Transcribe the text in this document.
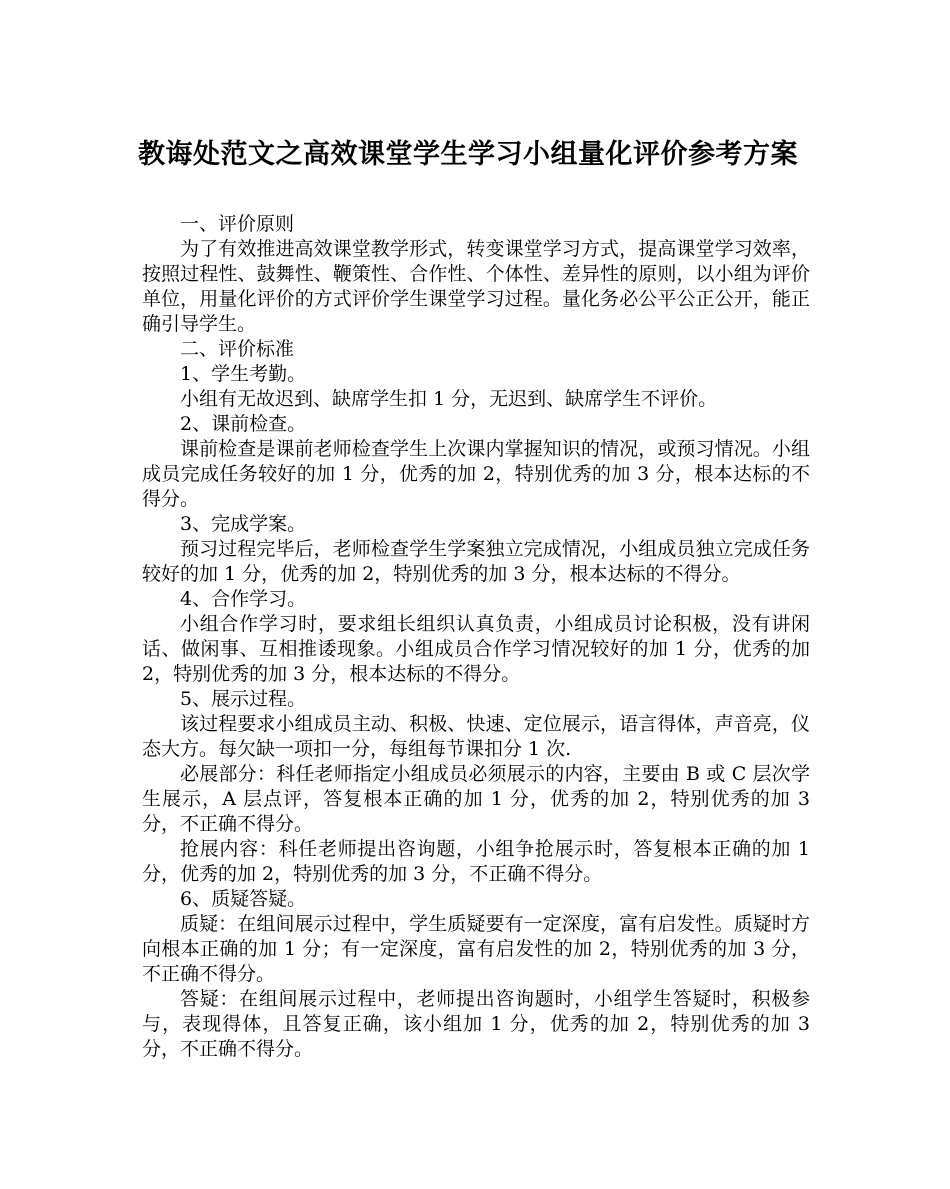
教诲处范文之高效课堂学生学习小组量化评价参考方案

一、评价原则

为了有效推进高效课堂教学形式，转变课堂学习方式，提高课堂学习效率，按照过程性、鼓舞性、鞭策性、合作性、个体性、差异性的原则，以小组为评价单位，用量化评价的方式评价学生课堂学习过程。量化务必公平公正公开，能正确引导学生。

二、评价标准

1、学生考勤。

小组有无故迟到、缺席学生扣 1 分，无迟到、缺席学生不评价。

2、课前检查。

课前检查是课前老师检查学生上次课内掌握知识的情况，或预习情况。小组成员完成任务较好的加 1 分，优秀的加 2，特别优秀的加 3 分，根本达标的不得分。

3、完成学案。

预习过程完毕后，老师检查学生学案独立完成情况，小组成员独立完成任务较好的加 1 分，优秀的加 2，特别优秀的加 3 分，根本达标的不得分。

4、合作学习。

小组合作学习时，要求组长组织认真负责，小组成员讨论积极，没有讲闲话、做闲事、互相推诿现象。小组成员合作学习情况较好的加 1 分，优秀的加 2，特别优秀的加 3 分，根本达标的不得分。

5、展示过程。

该过程要求小组成员主动、积极、快速、定位展示，语言得体，声音亮，仪态大方。每欠缺一项扣一分，每组每节课扣分 1 次.

必展部分：科任老师指定小组成员必须展示的内容，主要由 B 或 C 层次学生展示，A 层点评，答复根本正确的加 1 分，优秀的加 2，特别优秀的加 3 分，不正确不得分。

抢展内容：科任老师提出咨询题，小组争抢展示时，答复根本正确的加 1 分，优秀的加 2，特别优秀的加 3 分，不正确不得分。

6、质疑答疑。

质疑：在组间展示过程中，学生质疑要有一定深度，富有启发性。质疑时方向根本正确的加 1 分；有一定深度，富有启发性的加 2，特别优秀的加 3 分，不正确不得分。

答疑：在组间展示过程中，老师提出咨询题时，小组学生答疑时，积极参与，表现得体，且答复正确，该小组加 1 分，优秀的加 2，特别优秀的加 3 分，不正确不得分。
